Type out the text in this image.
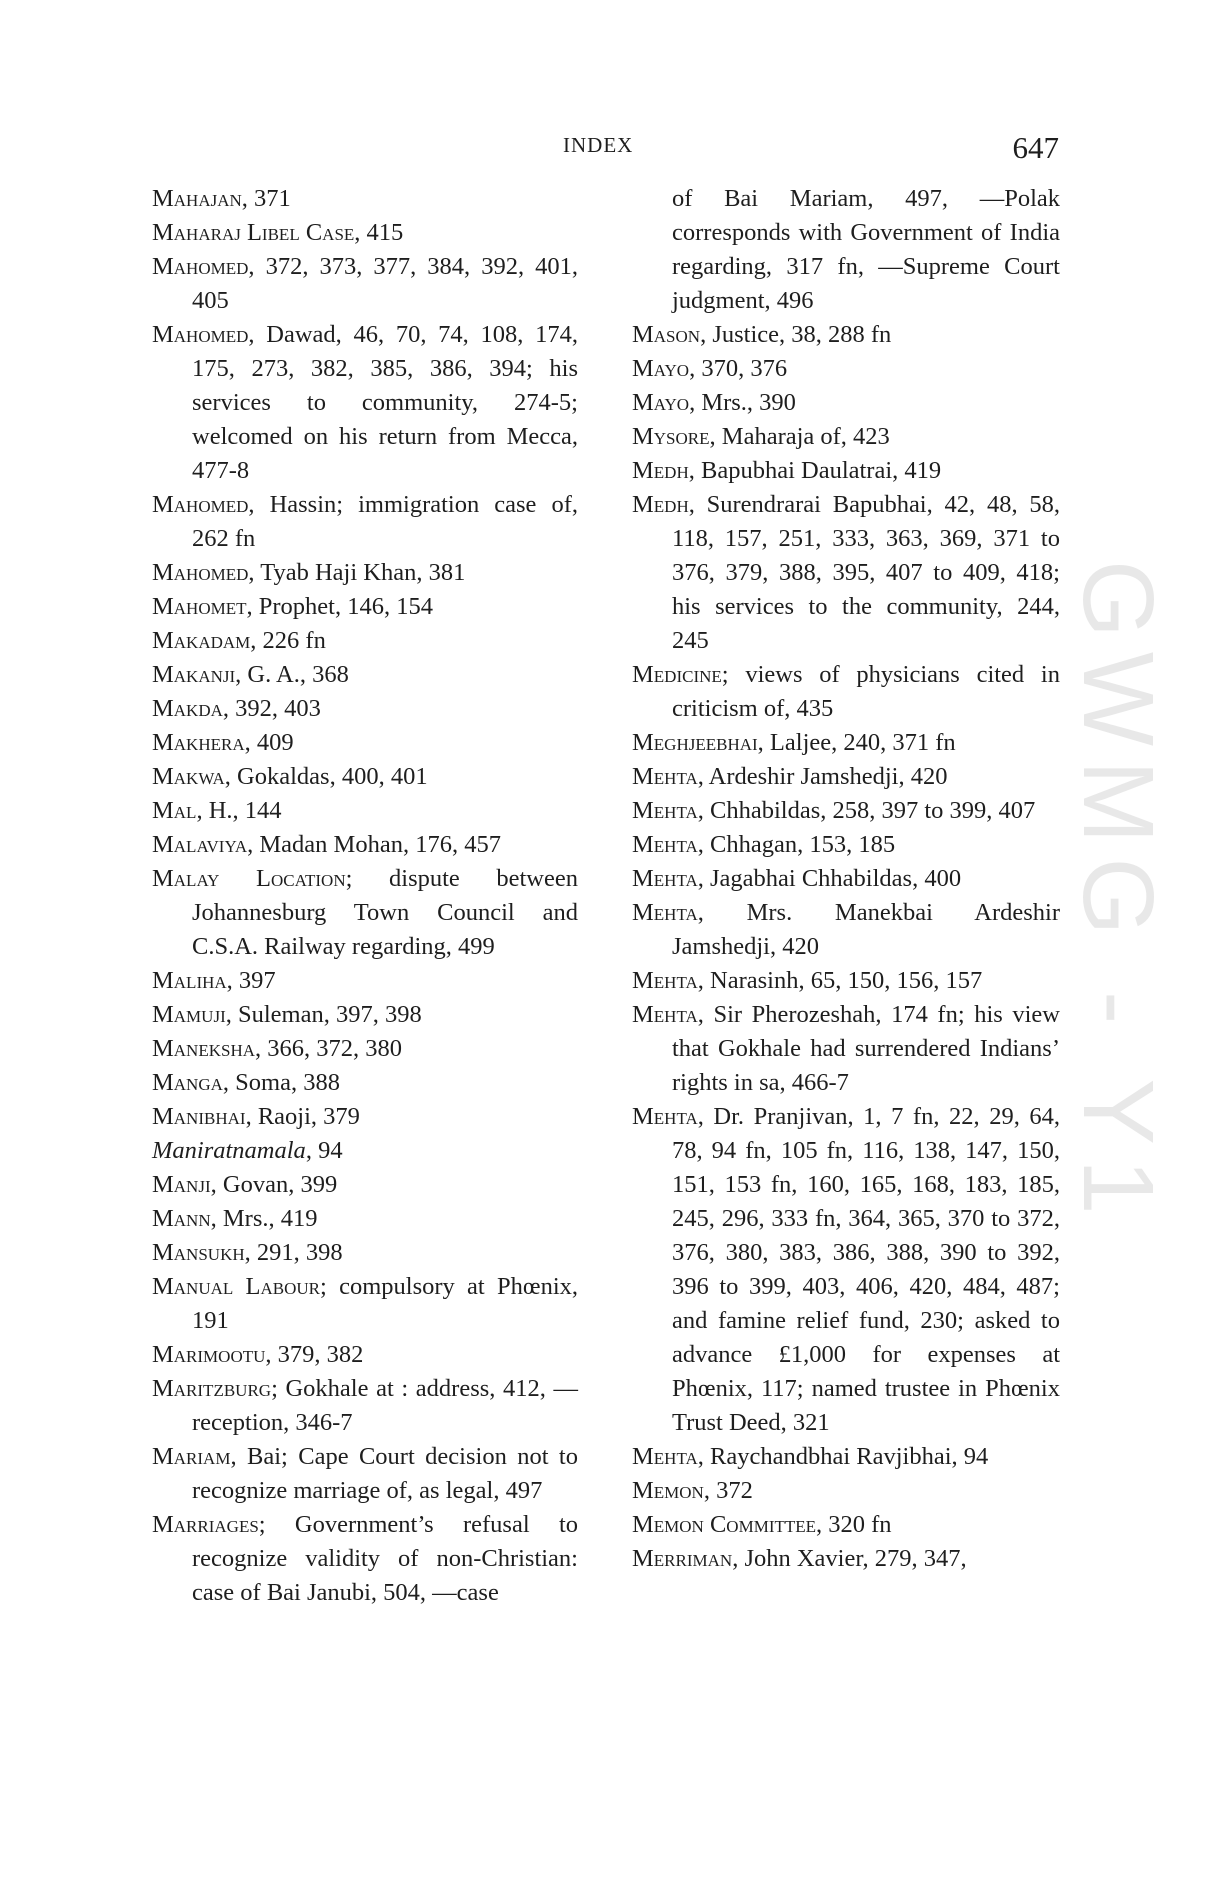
INDEX	647

Mahajan, 371

Maharaj Libel Case, 415

Mahomed, 372, 373, 377, 384, 392, 401, 405

Mahomed, Dawad, 46, 70, 74, 108, 174, 175, 273, 382, 385, 386, 394; his services to community, 274-5; welcomed on his return from Mecca, 477-8

Mahomed, Hassin; immigration case of, 262 fn

Mahomed, Tyab Haji Khan, 381

Mahomet, Prophet, 146, 154

Makadam, 226 fn

Makanji, G. A., 368

Makda, 392, 403

Makhera, 409

Makwa, Gokaldas, 400, 401

Mal, H., 144

Malaviya, Madan Mohan, 176, 457

Malay Location; dispute between Johannesburg Town Council and C.S.A. Railway regarding, 499

Maliha, 397

Mamuji, Suleman, 397, 398

Maneksha, 366, 372, 380

Manga, Soma, 388

Manibhai, Raoji, 379

Maniratnamala, 94

Manji, Govan, 399

Mann, Mrs., 419

Mansukh, 291, 398

Manual Labour; compulsory at Phœnix, 191

Marimootu, 379, 382

Maritzburg; Gokhale at : address, 412, —reception, 346-7

Mariam, Bai; Cape Court decision not to recognize marriage of, as legal, 497

Marriages; Government’s refusal to recognize validity of non-Christian: case of Bai Janubi, 504, —case

of Bai Mariam, 497, —Polak corresponds with Government of India regarding, 317 fn, —Supreme Court judgment, 496

Mason, Justice, 38, 288 fn

Mayo, 370, 376

Mayo, Mrs., 390

Mysore, Maharaja of, 423

Medh, Bapubhai Daulatrai, 419

Medh, Surendrarai Bapubhai, 42, 48, 58, 118, 157, 251, 333, 363, 369, 371 to 376, 379, 388, 395, 407 to 409, 418; his services to the community, 244, 245

Medicine; views of physicians cited in criticism of, 435

Meghjeebhai, Laljee, 240, 371 fn

Mehta, Ardeshir Jamshedji, 420

Mehta, Chhabildas, 258, 397 to 399, 407

Mehta, Chhagan, 153, 185

Mehta, Jagabhai Chhabildas, 400

Mehta, Mrs. Manekbai Ardeshir Jamshedji, 420

Mehta, Narasinh, 65, 150, 156, 157

Mehta, Sir Pherozeshah, 174 fn; his view that Gokhale had surrendered Indians’ rights in sa, 466-7

Mehta, Dr. Pranjivan, 1, 7 fn, 22, 29, 64, 78, 94 fn, 105 fn, 116, 138, 147, 150, 151, 153 fn, 160, 165, 168, 183, 185, 245, 296, 333 fn, 364, 365, 370 to 372, 376, 380, 383, 386, 388, 390 to 392, 396 to 399, 403, 406, 420, 484, 487; and famine relief fund, 230; asked to advance £1,000 for expenses at Phœnix, 117; named trustee in Phœnix Trust Deed, 321

Mehta, Raychandbhai Ravjibhai, 94

Memon, 372

Memon Committee, 320 fn

Merriman, John Xavier, 279, 347,

GWMG - Y1
